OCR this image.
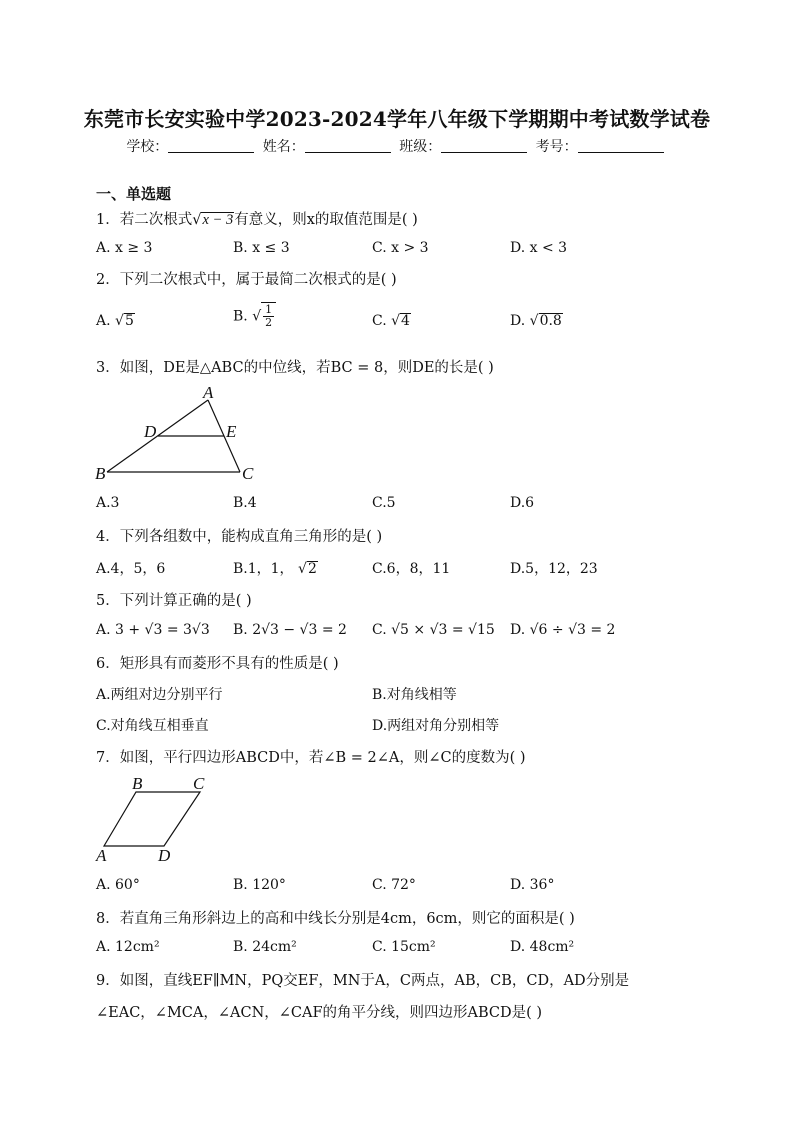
东莞市长安实验中学2023-2024学年八年级下学期期中考试数学试卷
学校：	姓名：	班级：	考号：
一、单选题
1．若二次根式√x − 3有意义，则x的取值范围是( )
A. x ≥ 3	B. x ≤ 3	C. x > 3	D. x < 3
2．下列二次根式中，属于最简二次根式的是( )
A. √5	B. √ $\frac{1}{2}$	C. √4	D. √0.8
3．如图，DE是△ABC的中位线，若BC = 8，则DE的长是( )
A
D	E
B	C
A.3	B.4	C.5	D.6
4．下列各组数中，能构成直角三角形的是( )
A.4，5，6	B.1，1， √2	C.6，8，11	D.5，12，23
5．下列计算正确的是( )
A. 3 + √3 = 3√3 B. 2√3 − √3 = 2 C. √5 × √3 = √15 D. √6 ÷ √3 = 2
6．矩形具有而菱形不具有的性质是( )
A.两组对边分别平行	B.对角线相等
C.对角线互相垂直	D.两组对角分别相等
7．如图，平行四边形ABCD中，若∠B = 2∠A，则∠C的度数为( )
B	C
A	D
A. 60°	B. 120°	C. 72°	D. 36°
8．若直角三角形斜边上的高和中线长分别是4cm，6cm，则它的面积是( )
A. 12cm²	B. 24cm²	C. 15cm²	D. 48cm²
9．如图，直线EF∥MN，PQ交EF，MN于A，C两点，AB，CB，CD，AD分别是
∠EAC，∠MCA，∠ACN，∠CAF的角平分线，则四边形ABCD是( )
